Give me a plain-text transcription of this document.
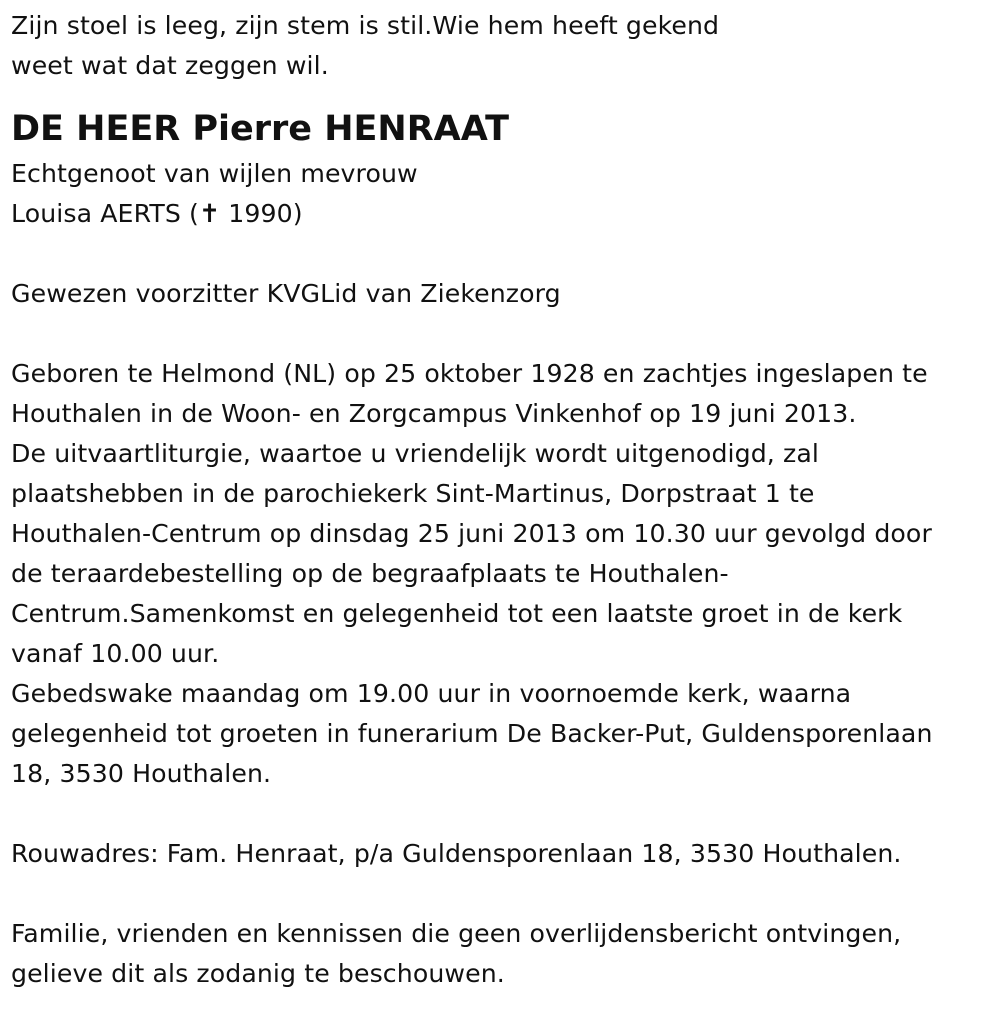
Zijn stoel is leeg, zijn stem is stil.Wie hem heeft gekend
weet wat dat zeggen wil.
DE HEER Pierre HENRAAT
Echtgenoot van wijlen mevrouw
Louisa AERTS (✝ 1990)
Gewezen voorzitter KVGLid van Ziekenzorg
Geboren te Helmond (NL) op 25 oktober 1928 en zachtjes ingeslapen te
Houthalen in de Woon- en Zorgcampus Vinkenhof op 19 juni 2013.
De uitvaartliturgie, waartoe u vriendelijk wordt uitgenodigd, zal
plaatshebben in de parochiekerk Sint-Martinus, Dorpstraat 1 te
Houthalen-Centrum op dinsdag 25 juni 2013 om 10.30 uur gevolgd door
de teraardebestelling op de begraafplaats te Houthalen-
Centrum.Samenkomst en gelegenheid tot een laatste groet in de kerk
vanaf 10.00 uur.
Gebedswake maandag om 19.00 uur in voornoemde kerk, waarna
gelegenheid tot groeten in funerarium De Backer-Put, Guldensporenlaan
18, 3530 Houthalen.
Rouwadres: Fam. Henraat, p/a Guldensporenlaan 18, 3530 Houthalen.
Familie, vrienden en kennissen die geen overlijdensbericht ontvingen,
gelieve dit als zodanig te beschouwen.
